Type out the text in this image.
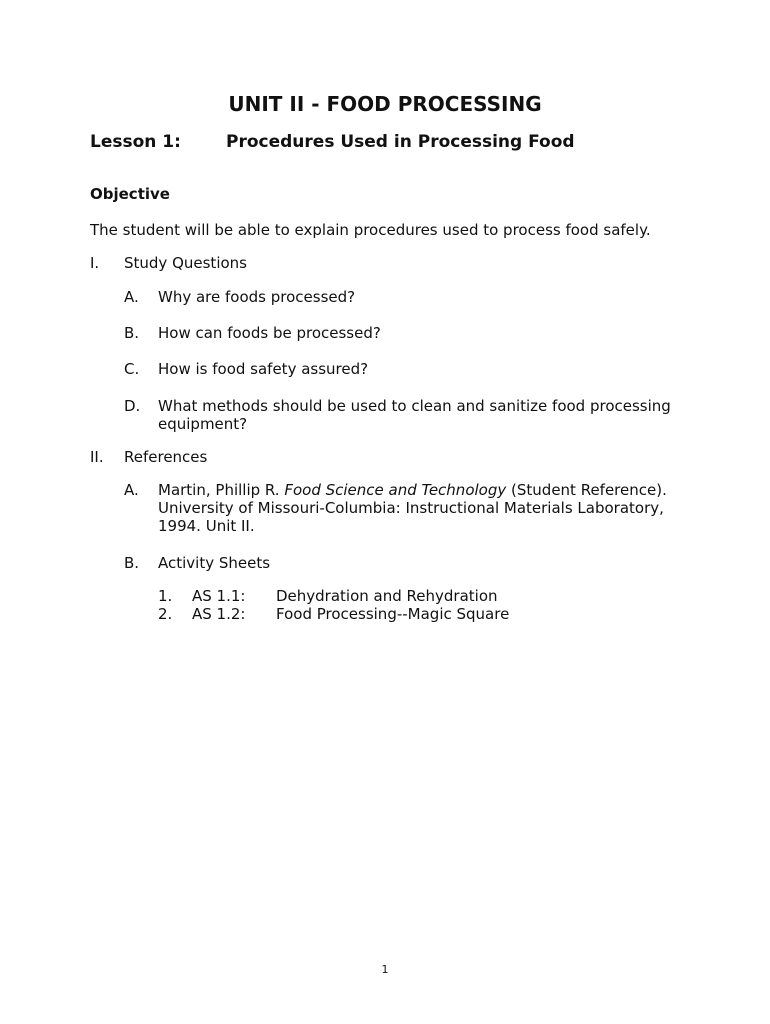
UNIT II - FOOD PROCESSING
Lesson 1:	Procedures Used in Processing Food
Objective
The student will be able to explain procedures used to process food safely.
I. Study Questions
A. Why are foods processed?
B. How can foods be processed?
C. How is food safety assured?
D. What methods should be used to clean and sanitize food processing
equipment?
II. References
A. Martin, Phillip R. Food Science and Technology (Student Reference).
University of Missouri-Columbia: Instructional Materials Laboratory,
1994. Unit II.
B. Activity Sheets
1. AS 1.1: Dehydration and Rehydration
2. AS 1.2: Food Processing--Magic Square
1
